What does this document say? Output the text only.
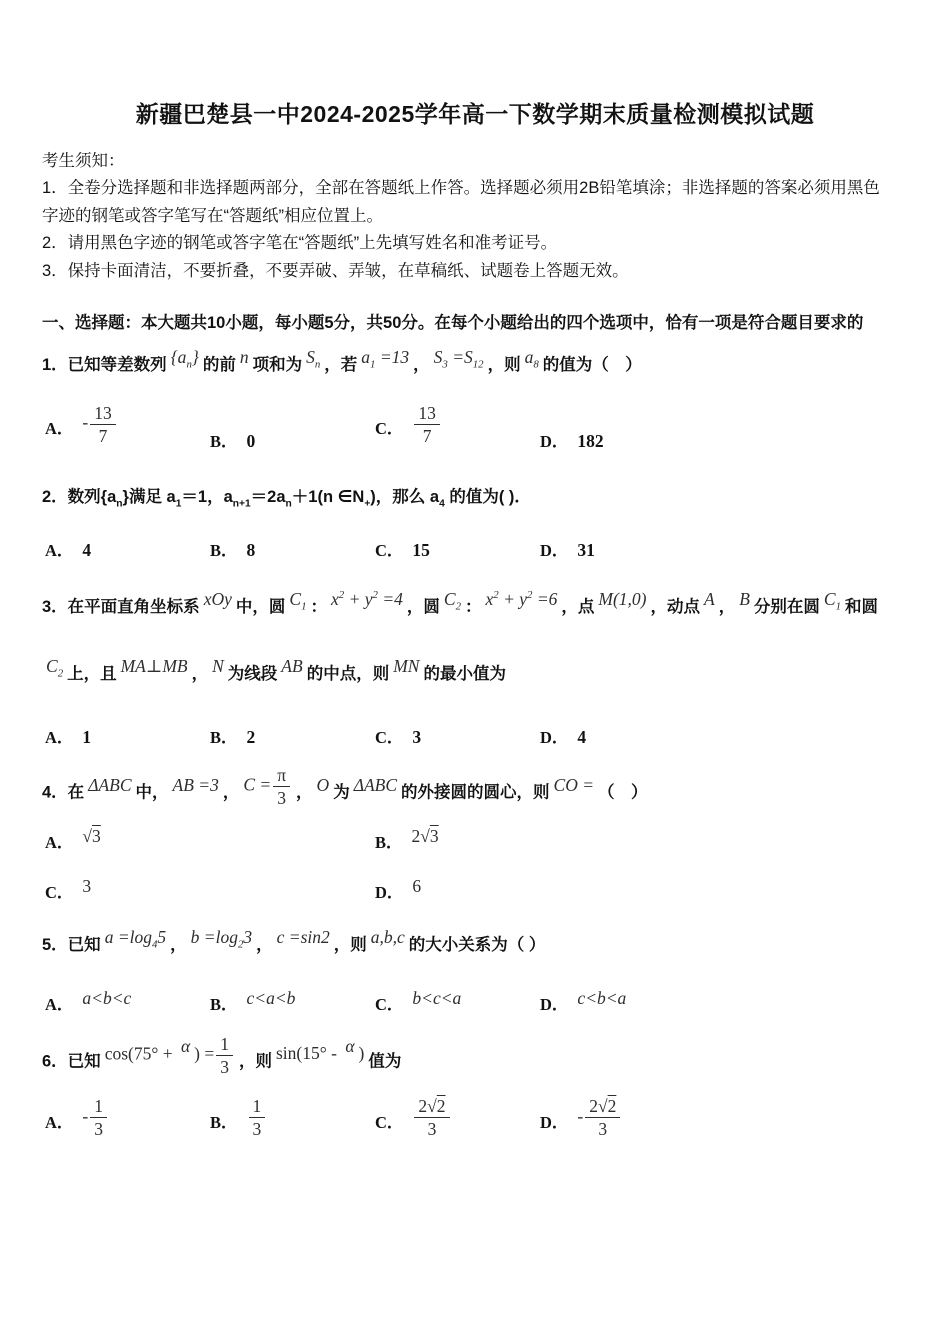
新疆巴楚县一中2024-2025学年高一下数学期末质量检测模拟试题
考生须知：
1．全卷分选择题和非选择题两部分，全部在答题纸上作答。选择题必须用2B铅笔填涂；非选择题的答案必须用黑色
字迹的钢笔或答字笔写在“答题纸”相应位置上。
2．请用黑色字迹的钢笔或答字笔在“答题纸”上先填写姓名和准考证号。
3．保持卡面清洁，不要折叠，不要弄破、弄皱，在草稿纸、试题卷上答题无效。
一、选择题：本大题共10小题，每小题5分，共50分。在每个小题给出的四个选项中，恰有一项是符合题目要求的
1．已知等差数列 $\{a_n\}$ 的前 n 项和为 $S_n$ ，若 $a_1 =13$ ， $S_3 =S_{12}$ ，则 $a_8$ 的值为（　）
A． - $\frac{13}{7}$	B． 0
C． $\frac{13}{7}$	D． 182
2．数列$\{a_n\}$满足 $a_1=1$，$a_{n+1}=2a_n+1(n$ $\in N_+$)，那么 $a_4$ 的值为( )．
A． 4	B． 8	C． 15	D． 31
3．在平面直角坐标系 xOy 中，圆 $C_1$ ： $x^2 + y^2 =4$ ，圆 $C_2$ ： $x^2 + y^2 =6$ ，点 M(1,0) ，动点 A ， B 分别在圆 $C_1$ 和圆
$C_2$ 上，且 MA⊥MB ， N 为线段 AB 的中点，则 MN 的最小值为
A． 1	B． 2	C． 3	D． 4
4．在 ΔABC 中， AB =3 ， $C = \frac{\pi}{3}$ ， O 为 ΔABC 的外接圆的圆心，则 CO = （　）
A． √3	B． 2√3
C． 3	D． 6
5．已知 $a =\log_45$ ， $b =\log_23$ ， c =sin2 ，则 a,b,c 的大小关系为（ ）
A． a<b<c	B． c<a<b	C． b<c<a	D． c<b<a
6．已知 cos(75° + α ) = $\frac{1}{3}$ ，则 sin(15° - α ) 值为
A． - $\frac{1}{3}$	B． $\frac{1}{3}$	C． $\frac{2√2}{3}$	D． - $\frac{2√2}{3}$
